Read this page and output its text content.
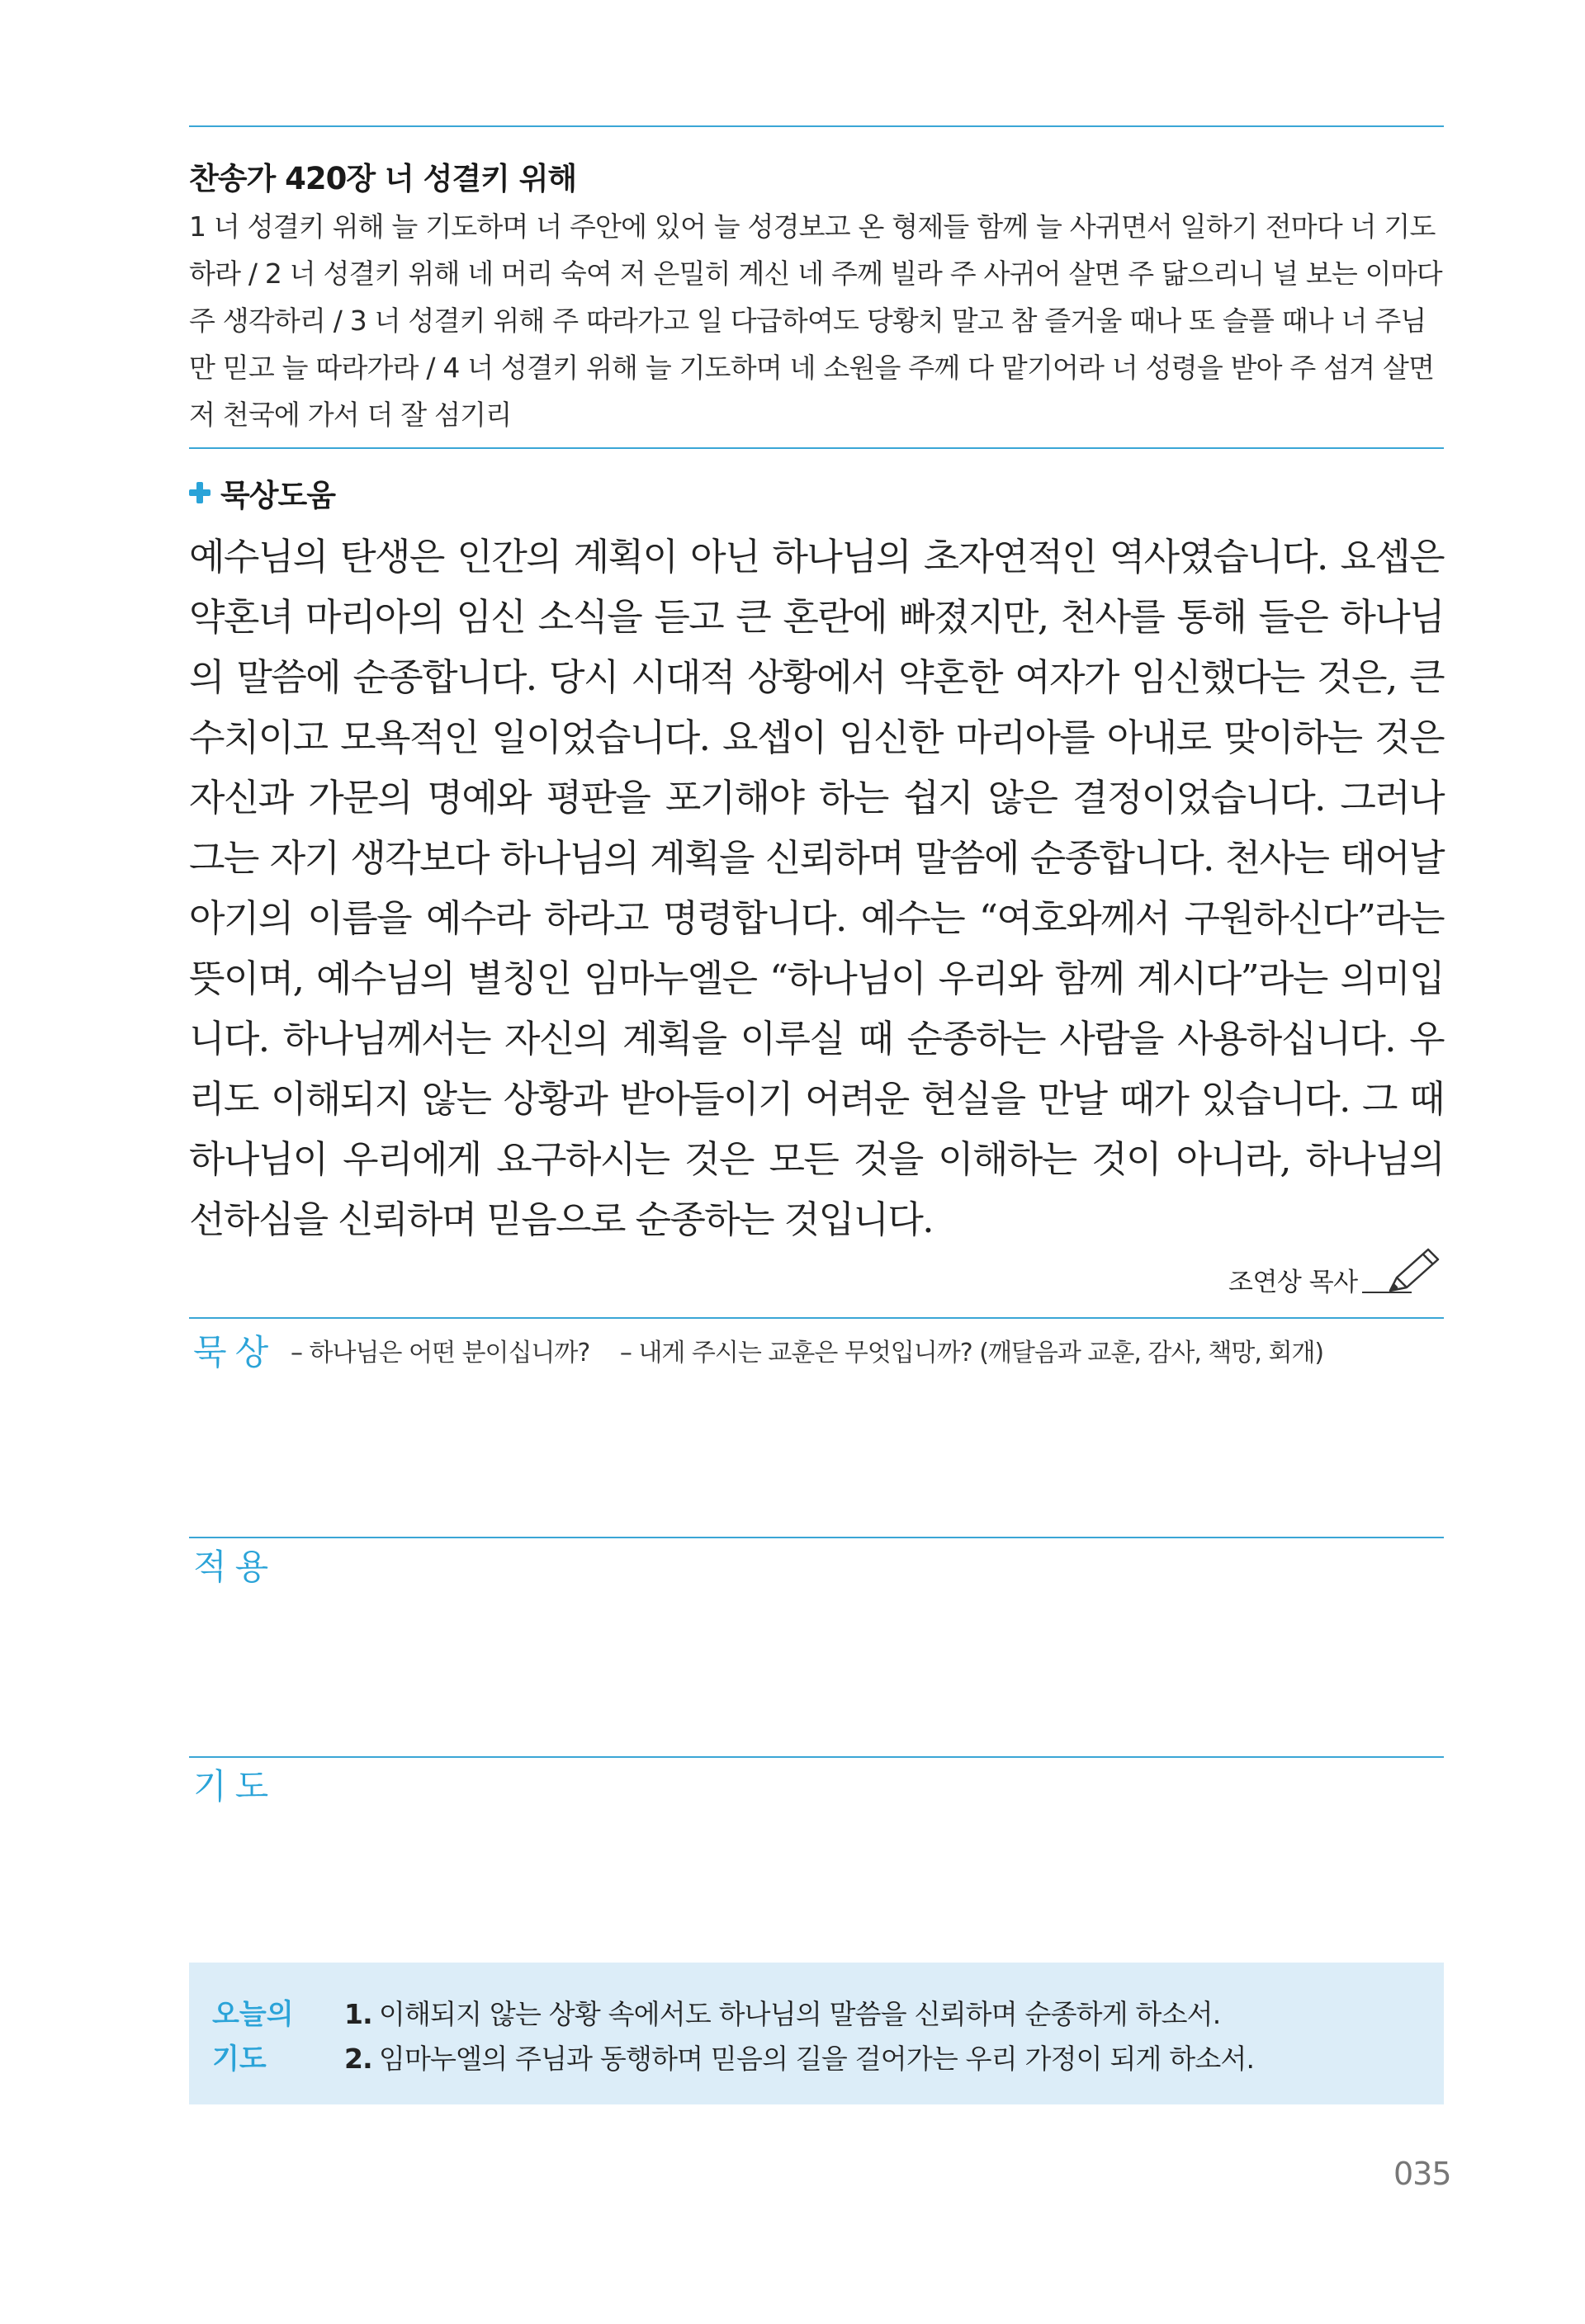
찬송가 420장 너 성결키 위해
1 너 성결키 위해 늘 기도하며 너 주안에 있어 늘 성경보고 온 형제들 함께 늘 사귀면서 일하기 전마다 너 기도하라 / 2 너 성결키 위해 네 머리 숙여 저 은밀히 계신 네 주께 빌라 주 사귀어 살면 주 닮으리니 널 보는 이마다 주 생각하리 / 3 너 성결키 위해 주 따라가고 일 다급하여도 당황치 말고 참 즐거울 때나 또 슬플 때나 너 주님만 믿고 늘 따라가라 / 4 너 성결키 위해 늘 기도하며 네 소원을 주께 다 맡기어라 너 성령을 받아 주 섬겨 살면 저 천국에 가서 더 잘 섬기리
묵상도움
예수님의 탄생은 인간의 계획이 아닌 하나님의 초자연적인 역사였습니다. 요셉은 약혼녀 마리아의 임신 소식을 듣고 큰 혼란에 빠졌지만, 천사를 통해 들은 하나님의 말씀에 순종합니다. 당시 시대적 상황에서 약혼한 여자가 임신했다는 것은, 큰 수치이고 모욕적인 일이었습니다. 요셉이 임신한 마리아를 아내로 맞이하는 것은 자신과 가문의 명예와 평판을 포기해야 하는 쉽지 않은 결정이었습니다. 그러나 그는 자기 생각보다 하나님의 계획을 신뢰하며 말씀에 순종합니다. 천사는 태어날 아기의 이름을 예수라 하라고 명령합니다. 예수는 “여호와께서 구원하신다”라는 뜻이며, 예수님의 별칭인 임마누엘은 “하나님이 우리와 함께 계시다”라는 의미입니다. 하나님께서는 자신의 계획을 이루실 때 순종하는 사람을 사용하십니다. 우리도 이해되지 않는 상황과 받아들이기 어려운 현실을 만날 때가 있습니다. 그 때 하나님이 우리에게 요구하시는 것은 모든 것을 이해하는 것이 아니라, 하나님의 선하심을 신뢰하며 믿음으로 순종하는 것입니다.
조연상 목사
묵상 – 하나님은 어떤 분이십니까? – 내게 주시는 교훈은 무엇입니까? (깨달음과 교훈, 감사, 책망, 회개)
적용
기도
오늘의
기도
1. 이해되지 않는 상황 속에서도 하나님의 말씀을 신뢰하며 순종하게 하소서.
2. 임마누엘의 주님과 동행하며 믿음의 길을 걸어가는 우리 가정이 되게 하소서.
035
